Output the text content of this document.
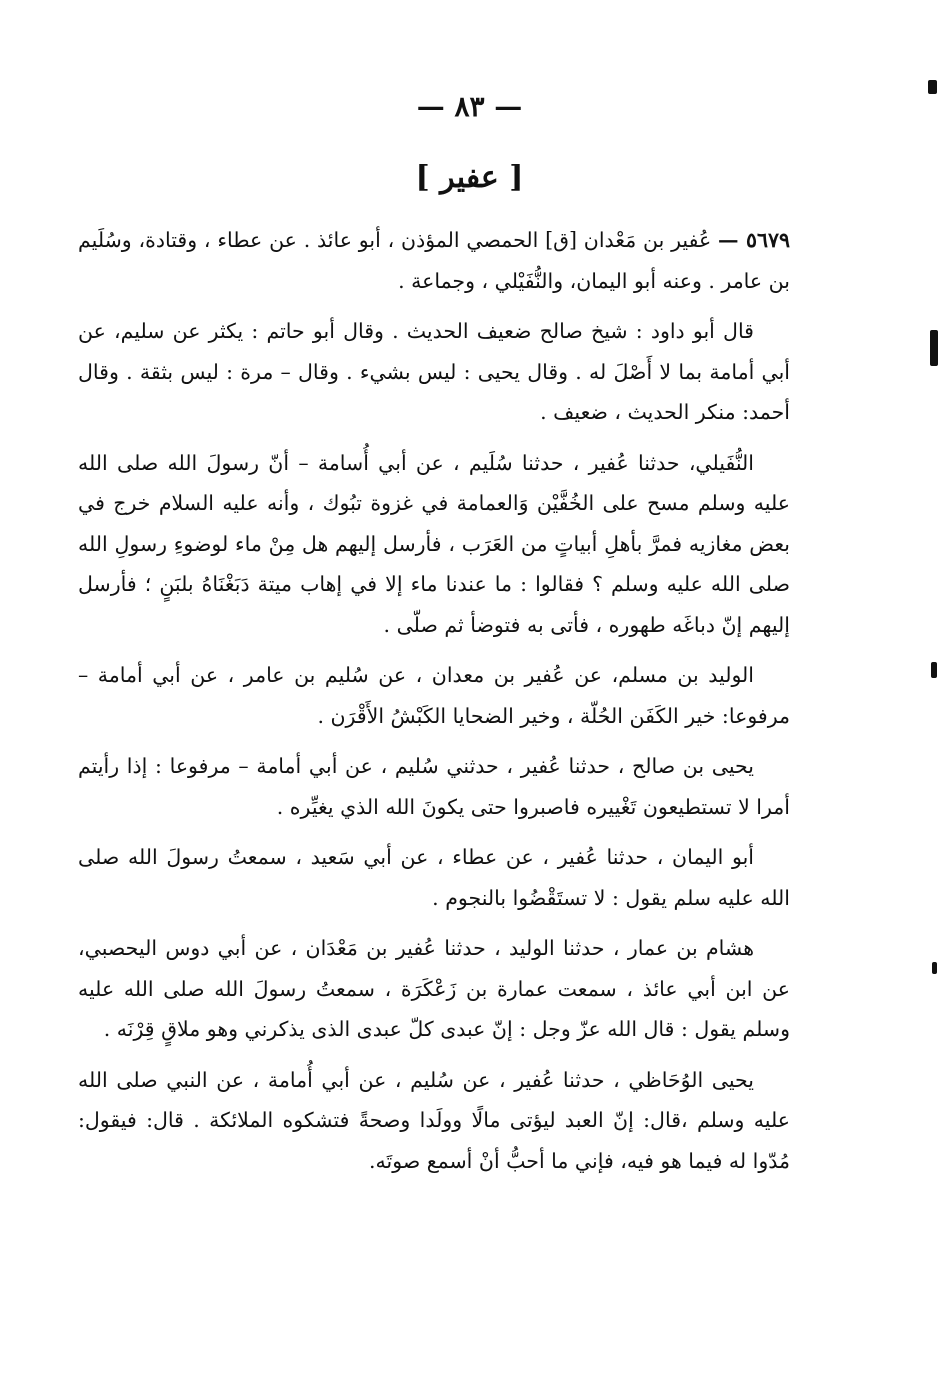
— ٨٣ —
[ عفير ]

٥٦٧٩ — عُفير بن مَعْدان [ق] الحمصي المؤذن ، أبو عائذ . عن عطاء ، وقتادة، وسُلَيم بن عامر . وعنه أبو اليمان، والنُّفَيْلي ، وجماعة .

قال أبو داود : شيخ صالح ضعيف الحديث . وقال أبو حاتم : يكثر عن سليم، عن أبي أمامة بما لا أَصْلَ له . وقال يحيى : ليس بشيء . وقال – مرة : ليس بثقة . وقال أحمد: منكر الحديث ، ضعيف .

النُّفَيلي، حدثنا عُفير ، حدثنا سُلَيم ، عن أبي أُسامة – أنّ رسولَ الله صلى الله عليه وسلم مسح على الخُفَّيْن وَالعمامة في غزوة تبُوك ، وأنه عليه السلام خرج في بعض مغازيه فمرَّ بأهلِ أبياتٍ من العَرَب ، فأرسل إليهم هل مِنْ ماء لوضوءِ رسولِ الله صلى الله عليه وسلم ؟ فقالوا : ما عندنا ماء إلا في إهاب ميتة دَبَغْنَاهُ بلبَنٍ ؛ فأرسل إليهم إنّ دباغَه طهوره ، فأتى به فتوضأ ثم صلّى .

الوليد بن مسلم، عن عُفير بن معدان ، عن سُليم بن عامر ، عن أبي أمامة – مرفوعا: خير الكَفَن الحُلّة ، وخير الضحايا الكَبْشُ الأَقْرَن .

يحيى بن صالح ، حدثنا عُفير ، حدثني سُليم ، عن أبي أمامة – مرفوعا : إذا رأيتم أمرا لا تستطيعون تَغْييره فاصبروا حتى يكونَ الله الذي يغيِّره .

أبو اليمان ، حدثنا عُفير ، عن عطاء ، عن أبي سَعيد ، سمعتُ رسولَ الله صلى الله عليه سلم يقول : لا تستَقْضُوا بالنجوم .

هشام بن عمار ، حدثنا الوليد ، حدثنا عُفير بن مَعْدَان ، عن أبي دوس اليحصبي، عن ابن أبي عائذ ، سمعت عمارة بن زَعْكَرَة ، سمعتُ رسولَ الله صلى الله عليه وسلم يقول : قال الله عزّ وجل : إنّ عبدى كلّ عبدى الذى يذكرني وهو ملاقٍ قِرْنَه .

يحيى الوُحَاظي ، حدثنا عُفير ، عن سُليم ، عن أبي أُمامة ، عن النبي صلى الله عليه وسلم ،قال: إنّ العبد ليؤتى مالًا وولَدا وصحةً فتشكوه الملائكة . قال: فيقول: مُدّوا له فيما هو فيه، فإني ما أحبُّ أنْ أسمع صوتَه.
